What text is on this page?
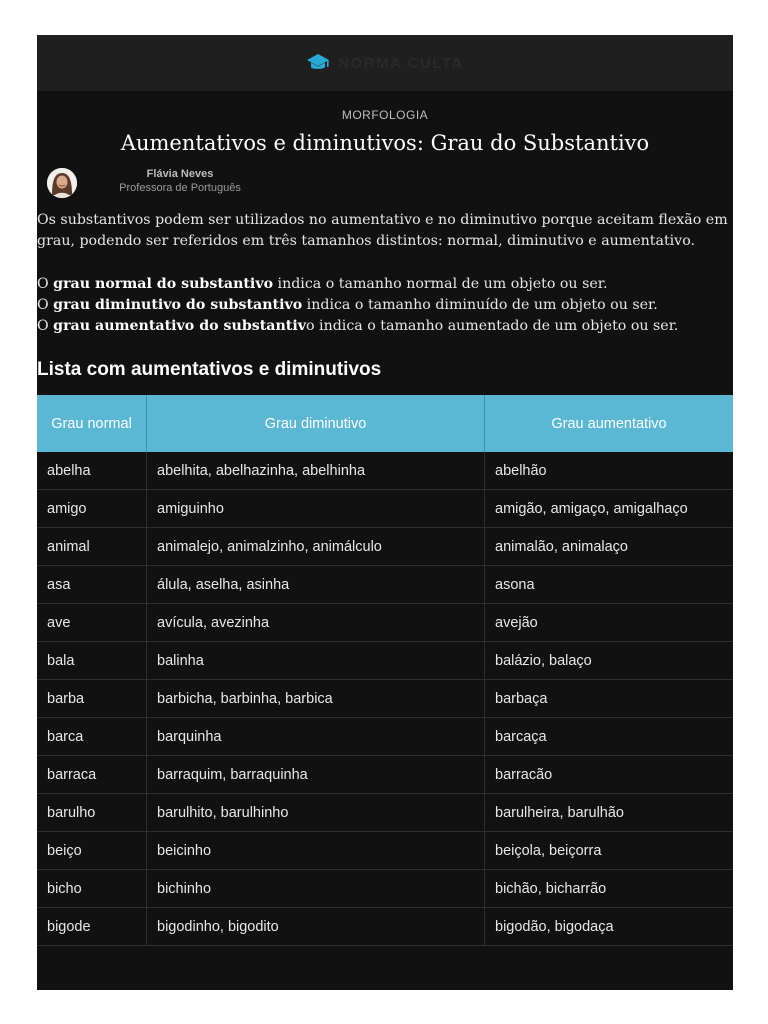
NORMA CULTA
MORFOLOGIA
Aumentativos e diminutivos: Grau do Substantivo
Flávia Neves
Professora de Português

Os substantivos podem ser utilizados no aumentativo e no diminutivo porque aceitam flexão em grau, podendo ser referidos em três tamanhos distintos: normal, diminutivo e aumentativo.

O grau normal do substantivo indica o tamanho normal de um objeto ou ser.
O grau diminutivo do substantivo indica o tamanho diminuído de um objeto ou ser.
O grau aumentativo do substantivo indica o tamanho aumentado de um objeto ou ser.

Lista com aumentativos e diminutivos
Grau normal	Grau diminutivo	Grau aumentativo
abelha	abelhita, abelhazinha, abelhinha	abelhão
amigo	amiguinho	amigão, amigaço, amigalhaço
animal	animalejo, animalzinho, animálculo	animalão, animalaço
asa	álula, aselha, asinha	asona
ave	avícula, avezinha	avejão
bala	balinha	balázio, balaço
barba	barbicha, barbinha, barbica	barbaça
barca	barquinha	barcaça
barraca	barraquim, barraquinha	barracão
barulho	barulhito, barulhinho	barulheira, barulhão
beiço	beicinho	beiçola, beiçorra
bicho	bichinho	bichão, bicharrão
bigode	bigodinho, bigodito	bigodão, bigodaça
